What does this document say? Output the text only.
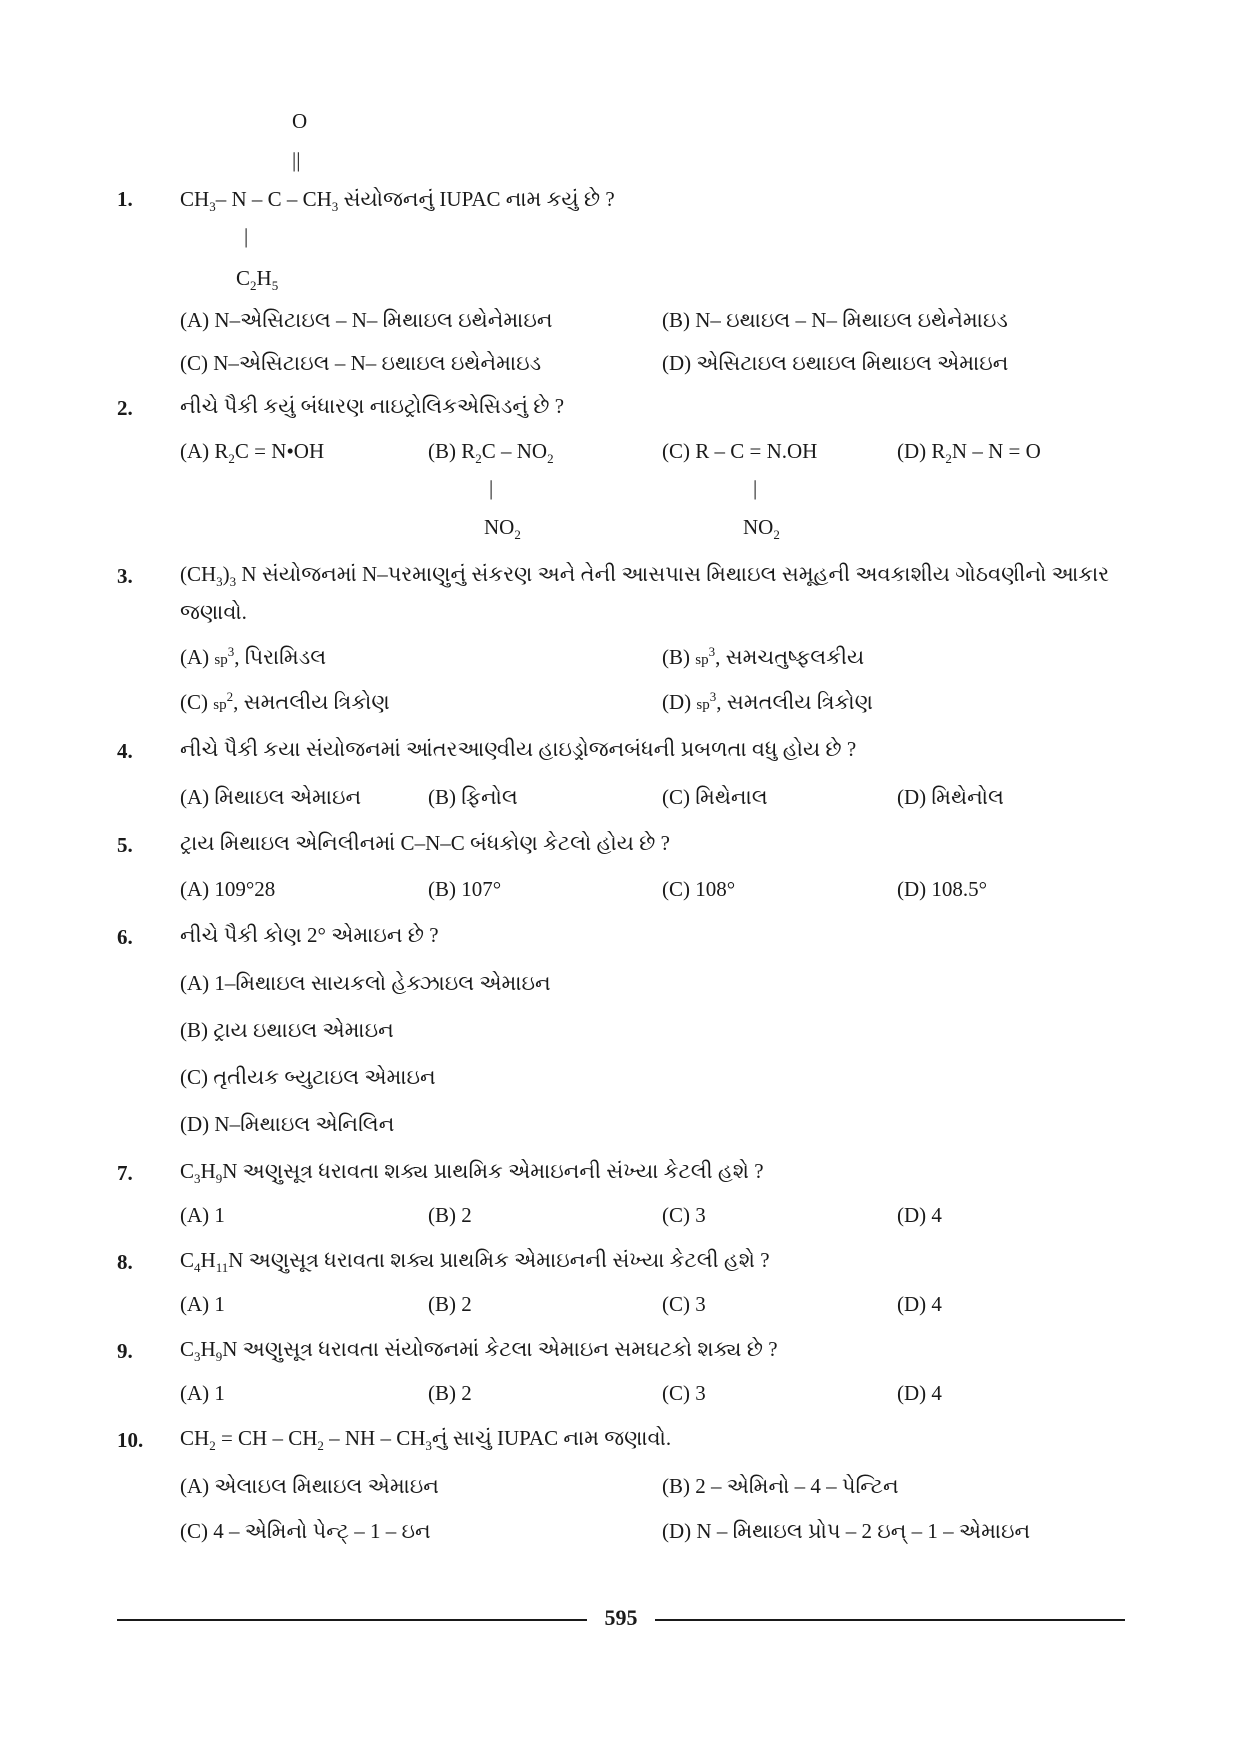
O
||
1. $CH_3-$ N – C – $CH_3$ સંયોજનનું IUPAC નામ કયું છે ?
|
$C_2H_5$
(A) N–એસિટાઇલ – N– મિથાઇલ ઇથેનેમાઇન	(B) N– ઇથાઇલ – N– મિથાઇલ ઇથેનેમાઇડ
(C) N–એસિટાઇલ – N– ઇથાઇલ ઇથેનેમાઇડ	(D) એસિટાઇલ ઇથાઇલ મિથાઇલ એમાઇન
2. નીચે પૈકી કયું બંધારણ નાઇટ્રોલિકએસિડનું છે ?
(A) $R_2C$ = N•OH	(B) $R_2C - NO_2$	(C) R – C = N.OH	(D) $R_2N - N = O$
|	|
$NO_2$	$NO_2$
3. $(CH_3)_3$ N સંયોજનમાં N–પરમાણુનું સંકરણ અને તેની આસપાસ મિથાઇલ સમૂહની અવકાશીય ગોઠવણીનો આકાર
જણાવો.
(A) $sp^3$, પિરામિડલ	(B) $sp^3$, સમચતુષ્ફલકીય
(C) $sp^2$, સમતલીય ત્રિકોણ	(D) $sp^3$, સમતલીય ત્રિકોણ
4. નીચે પૈકી કયા સંયોજનમાં આંતરઆણ્વીય હાઇડ્રોજનબંધની પ્રબળતા વધુ હોય છે ?
(A) મિથાઇલ એમાઇન	(B) ફિનોલ	(C) મિથેનાલ	(D) મિથેનોલ
5. ટ્રાય મિથાઇલ એનિલીનમાં C–N–C બંધકોણ કેટલો હોય છે ?
(A) 109°28	(B) 107°	(C) 108°	(D) 108.5°
6. નીચે પૈકી કોણ 2° એમાઇન છે ?
(A) 1–મિથાઇલ સાયકલો હેક્ઝાઇલ એમાઇન
(B) ટ્રાય ઇથાઇલ એમાઇન
(C) તૃતીયક બ્યુટાઇલ એમાઇન
(D) N–મિથાઇલ એનિલિન
7. $C_3H_9N$ અણુસૂત્ર ધરાવતા શક્ય પ્રાથમિક એમાઇનની સંખ્યા કેટલી હશે ?
(A) 1	(B) 2	(C) 3	(D) 4
8. $C_4H_{11}N$ અણુસૂત્ર ધરાવતા શક્ય પ્રાથમિક એમાઇનની સંખ્યા કેટલી હશે ?
(A) 1	(B) 2	(C) 3	(D) 4
9. $C_3H_9N$ અણુસૂત્ર ધરાવતા સંયોજનમાં કેટલા એમાઇન સમઘટકો શક્ય છે ?
(A) 1	(B) 2	(C) 3	(D) 4
10. $CH_2$ = CH – $CH_2$ – NH – $CH_3નું$ સાચું IUPAC નામ જણાવો.
(A) એલાઇલ મિથાઇલ એમાઇન	(B) 2 – એમિનો – 4 – પેન્ટિન
(C) 4 – એમિનો પેન્ટ્ – 1 – ઇન	(D) N – મિથાઇલ પ્રોપ – 2 ઇન્ – 1 – એમાઇન
595
